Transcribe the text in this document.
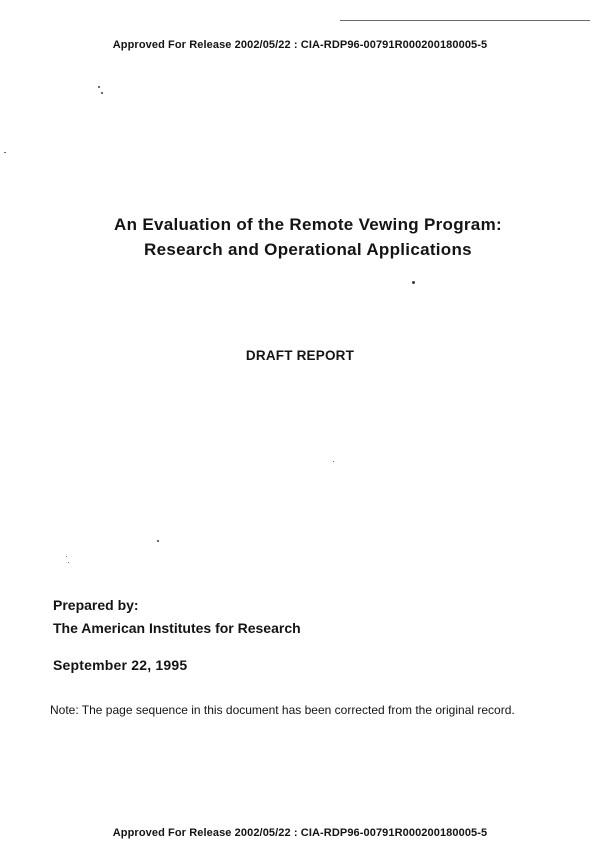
Approved For Release 2002/05/22 : CIA-RDP96-00791R000200180005-5
An Evaluation of the Remote Vewing Program:
Research and Operational Applications
DRAFT REPORT
Prepared by:
The American Institutes for Research
September 22, 1995
Note: The page sequence in this document has been corrected from the original record.
Approved For Release 2002/05/22 : CIA-RDP96-00791R000200180005-5
